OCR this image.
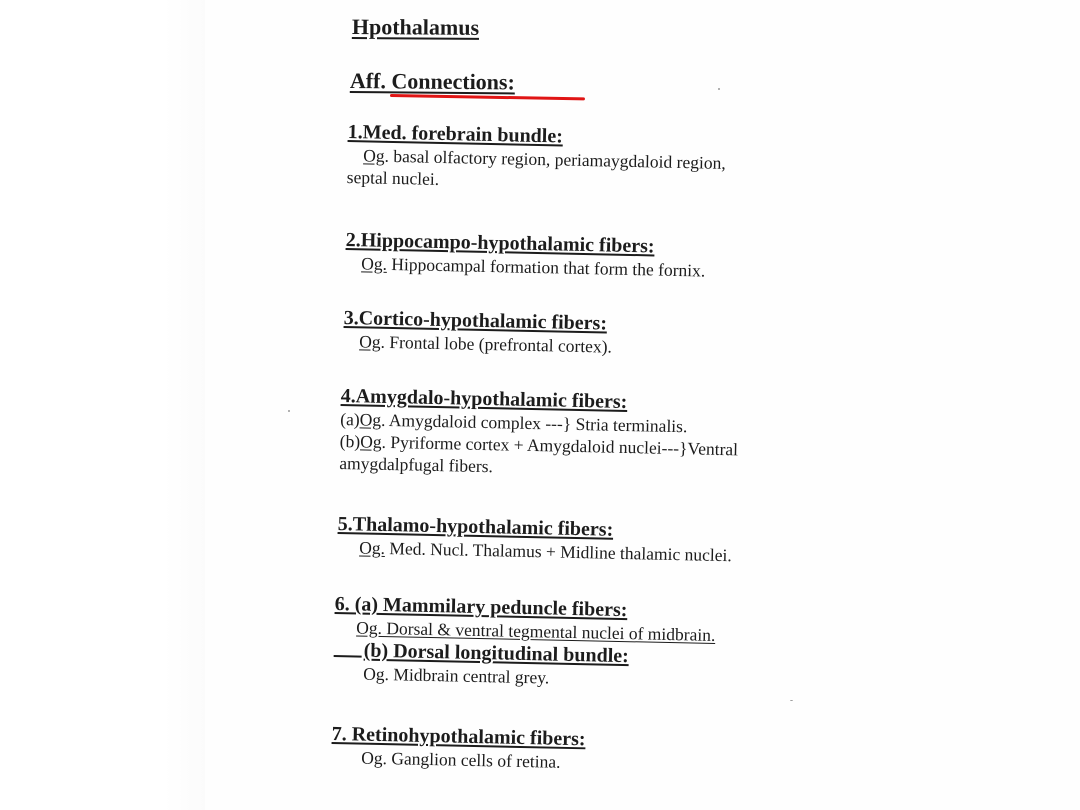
Hpothalamus
Aff. Connections:
1.Med. forebrain bundle:
Og. basal olfactory region, periamaygdaloid region,
septal nuclei.
2.Hippocampo-hypothalamic fibers:
Og. Hippocampal formation that form the fornix.
3.Cortico-hypothalamic fibers:
Og. Frontal lobe (prefrontal cortex).
4.Amygdalo-hypothalamic fibers:
(a)Og. Amygdaloid complex ---} Stria terminalis.
(b)Og. Pyriforme cortex + Amygdaloid nuclei---}Ventral
amygdalpfugal fibers.
5.Thalamo-hypothalamic fibers:
Og. Med. Nucl. Thalamus + Midline thalamic nuclei.
6. (a) Mammilary peduncle fibers:
Og. Dorsal & ventral tegmental nuclei of midbrain.
(b) Dorsal longitudinal bundle:
Og. Midbrain central grey.
7. Retinohypothalamic fibers:
Og. Ganglion cells of retina.
